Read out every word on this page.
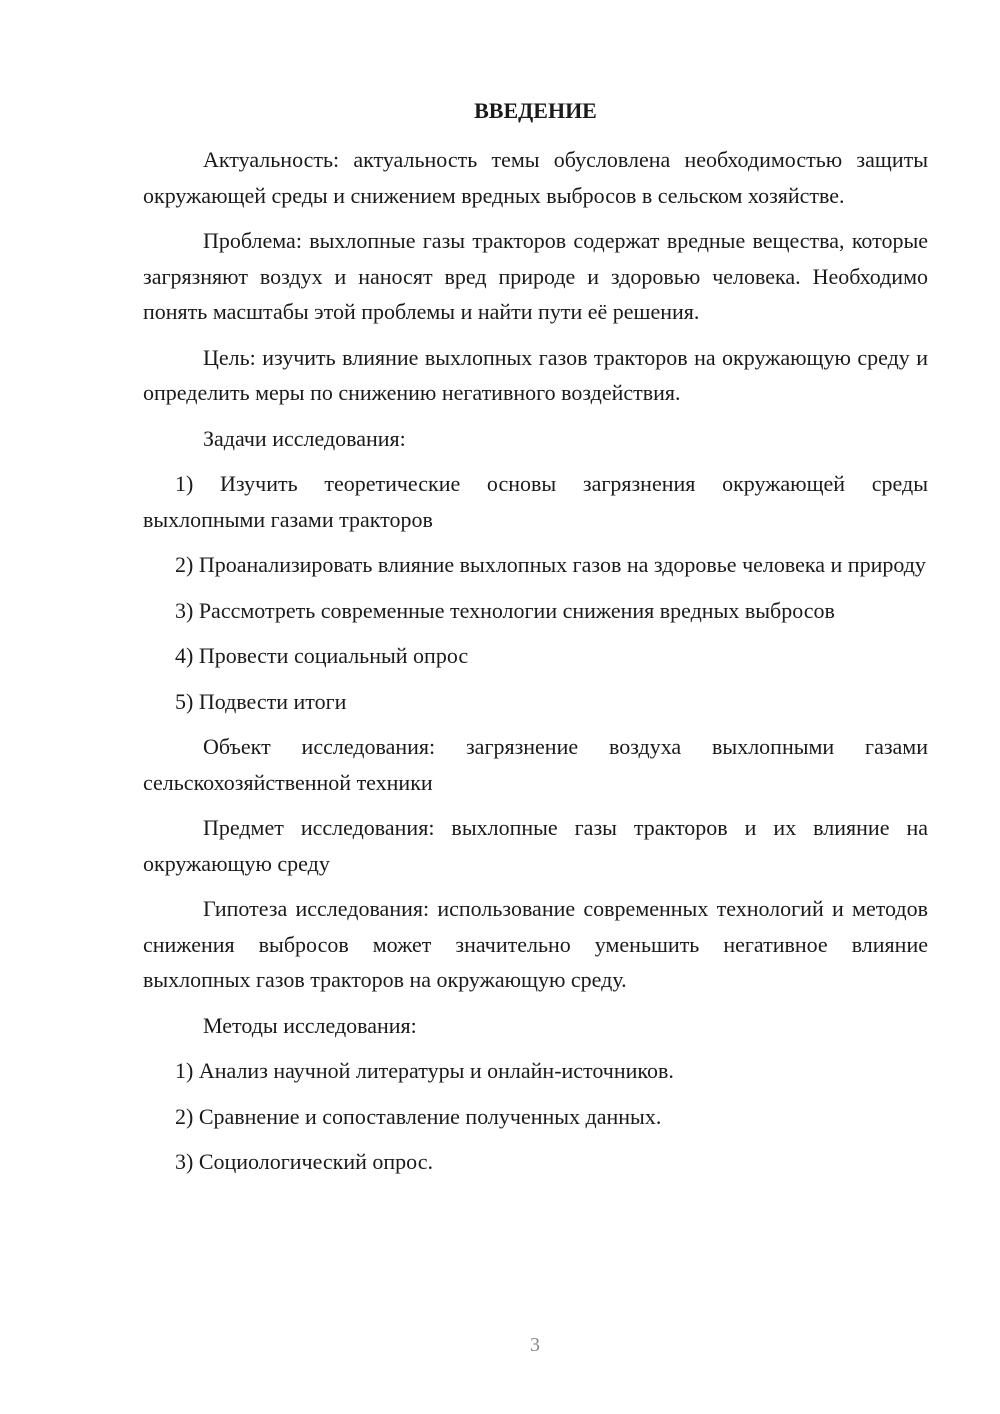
ВВЕДЕНИЕ

Актуальность: актуальность темы обусловлена необходимостью защиты окружающей среды и снижением вредных выбросов в сельском хозяйстве.

Проблема: выхлопные газы тракторов содержат вредные вещества, которые загрязняют воздух и наносят вред природе и здоровью человека. Необходимо понять масштабы этой проблемы и найти пути её решения.

Цель: изучить влияние выхлопных газов тракторов на окружающую среду и определить меры по снижению негативного воздействия.

Задачи исследования:

1) Изучить теоретические основы загрязнения окружающей среды выхлопными газами тракторов

2) Проанализировать влияние выхлопных газов на здоровье человека и природу

3) Рассмотреть современные технологии снижения вредных выбросов

4) Провести социальный опрос

5) Подвести итоги

Объект исследования: загрязнение воздуха выхлопными газами сельскохозяйственной техники

Предмет исследования: выхлопные газы тракторов и их влияние на окружающую среду

Гипотеза исследования: использование современных технологий и методов снижения выбросов может значительно уменьшить негативное влияние выхлопных газов тракторов на окружающую среду.

Методы исследования:

1) Анализ научной литературы и онлайн-источников.

2) Сравнение и сопоставление полученных данных.

3) Социологический опрос.

3
